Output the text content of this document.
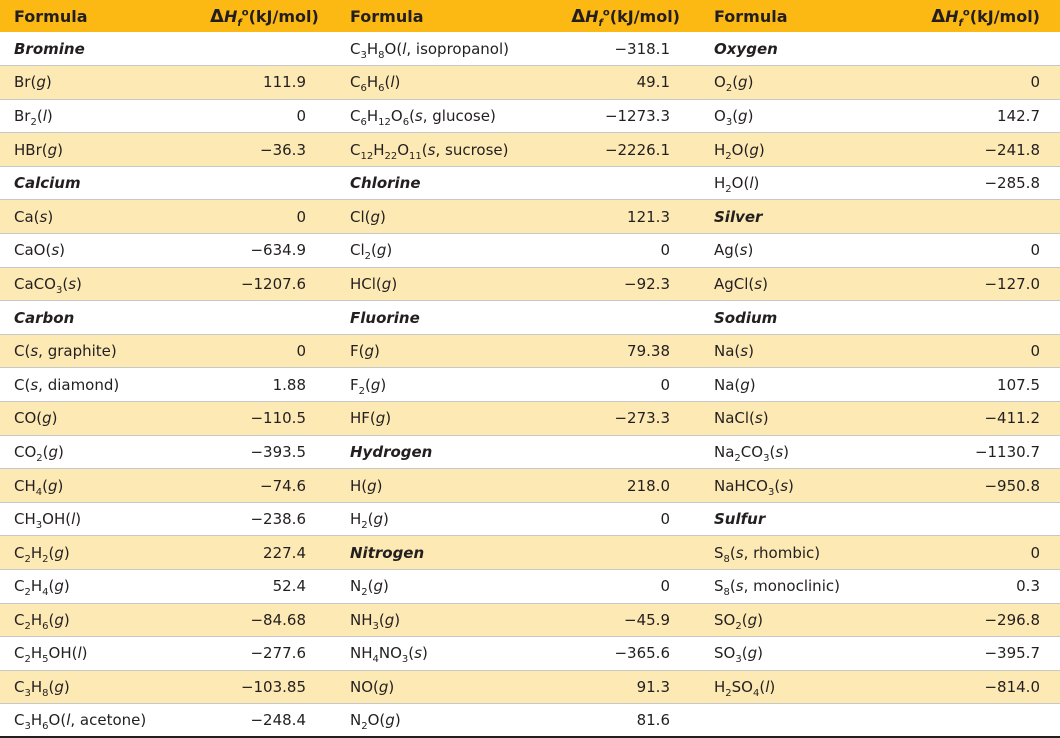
Formula	$\Delta H_f^o(kJ/mol)$		Formula	$\Delta H_f^o(kJ/mol)$		Formula	$\Delta H_f^o(kJ/mol)$
Bromine			$C_3H_8O(l$, isopropanol)	−318.1		Oxygen	
Br(g)	111.9		$C_6H_6(l)$	49.1		$O_2(g)$	0
$Br_2(l)$	0		$C_6H_{12}O_6(s$, glucose)	−1273.3		$O_3(g)$	142.7
HBr(g)	−36.3		$C_{12}H_{22}O_{11}(s$, sucrose)	−2226.1		$H_2O(g)$	−241.8
Calcium			Chlorine			$H_2O(l)$	−285.8
Ca(s)	0		Cl(g)	121.3		Silver	
CaO(s)	−634.9		$Cl_2(g)$	0		Ag(s)	0
CaCO$_3$(s)	−1207.6		HCl(g)	−92.3		AgCl(s)	−127.0
Carbon			Fluorine			Sodium	
C(s, graphite)	0		F(g)	79.38		Na(s)	0
C(s, diamond)	1.88		$F_2(g)$	0		Na(g)	107.5
CO(g)	−110.5		HF(g)	−273.3		NaCl(s)	−411.2
$CO_2(g)$	−393.5		Hydrogen			$Na_2CO_3(s)$	−1130.7
$CH_4(g)$	−74.6		H(g)	218.0		NaHCO$_3$(s)	−950.8
$CH_3OH(l)$	−238.6		$H_2(g)$	0		Sulfur	
$C_2H_2(g)$	227.4		Nitrogen			$S_8(s$, rhombic)	0
$C_2H_4(g)$	52.4		$N_2(g)$	0		$S_8(s$, monoclinic)	0.3
$C_2H_6(g)$	−84.68		$NH_3(g)$	−45.9		$SO_2(g)$	−296.8
$C_2H_5OH(l)$	−277.6		$NH_4NO_3(s)$	−365.6		$SO_3(g)$	−395.7
$C_3H_8(g)$	−103.85		NO(g)	91.3		$H_2SO_4(l)$	−814.0
$C_3H_6O(l$, acetone)	−248.4		$N_2O(g)$	81.6			
